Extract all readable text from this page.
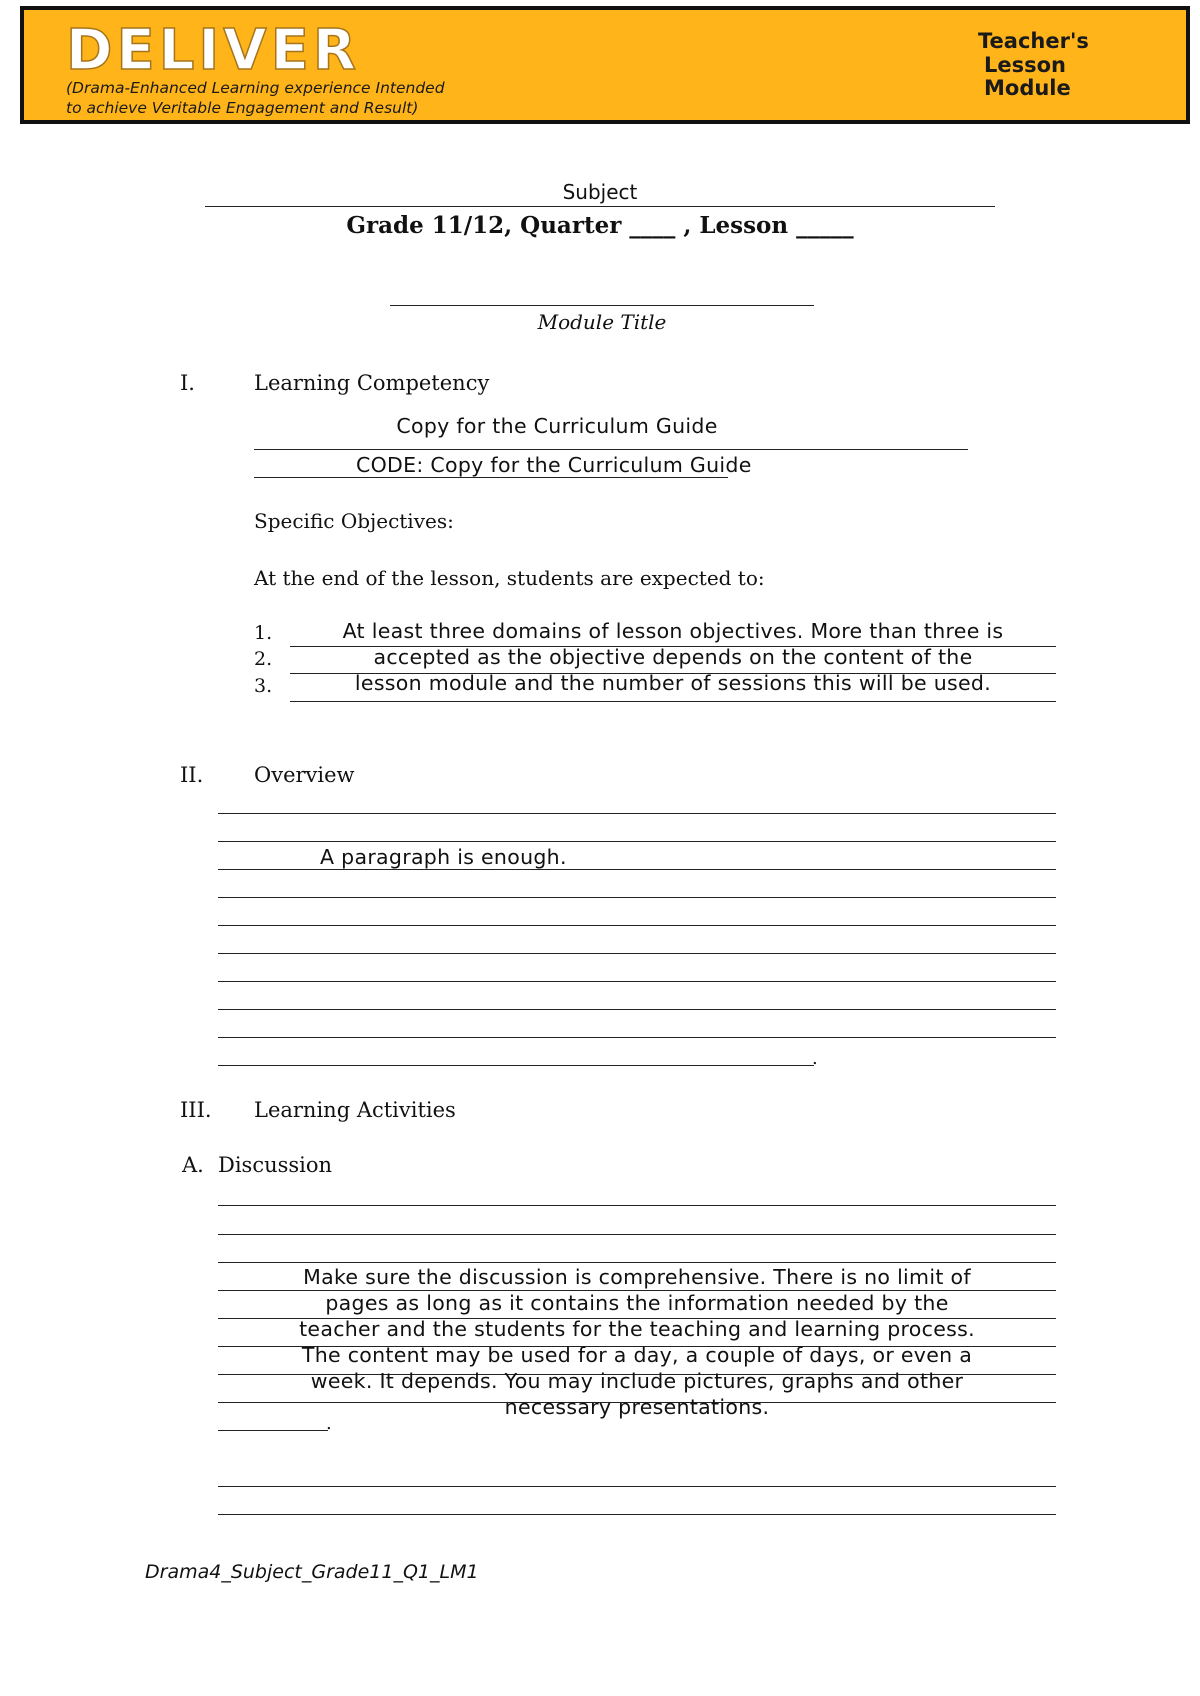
DELIVER
(Drama-Enhanced Learning experience Intended
to achieve Veritable Engagement and Result)
Teacher's
Lesson
Module
Subject
Grade 11/12, Quarter ____ , Lesson _____
Module Title
I.	Learning Competency
Copy for the Curriculum Guide
CODE: Copy for the Curriculum Guide
Specific Objectives:
At the end of the lesson, students are expected to:
1.
2.
3.
At least three domains of lesson objectives. More than three is
accepted as the objective depends on the content of the
lesson module and the number of sessions this will be used.
II. Overview
A paragraph is enough.
.
III. Learning Activities
A. Discussion
.
Make sure the discussion is comprehensive. There is no limit of
pages as long as it contains the information needed by the
teacher and the students for the teaching and learning process.
The content may be used for a day, a couple of days, or even a
week. It depends. You may include pictures, graphs and other
necessary presentations.
Drama4_Subject_Grade11_Q1_LM1
